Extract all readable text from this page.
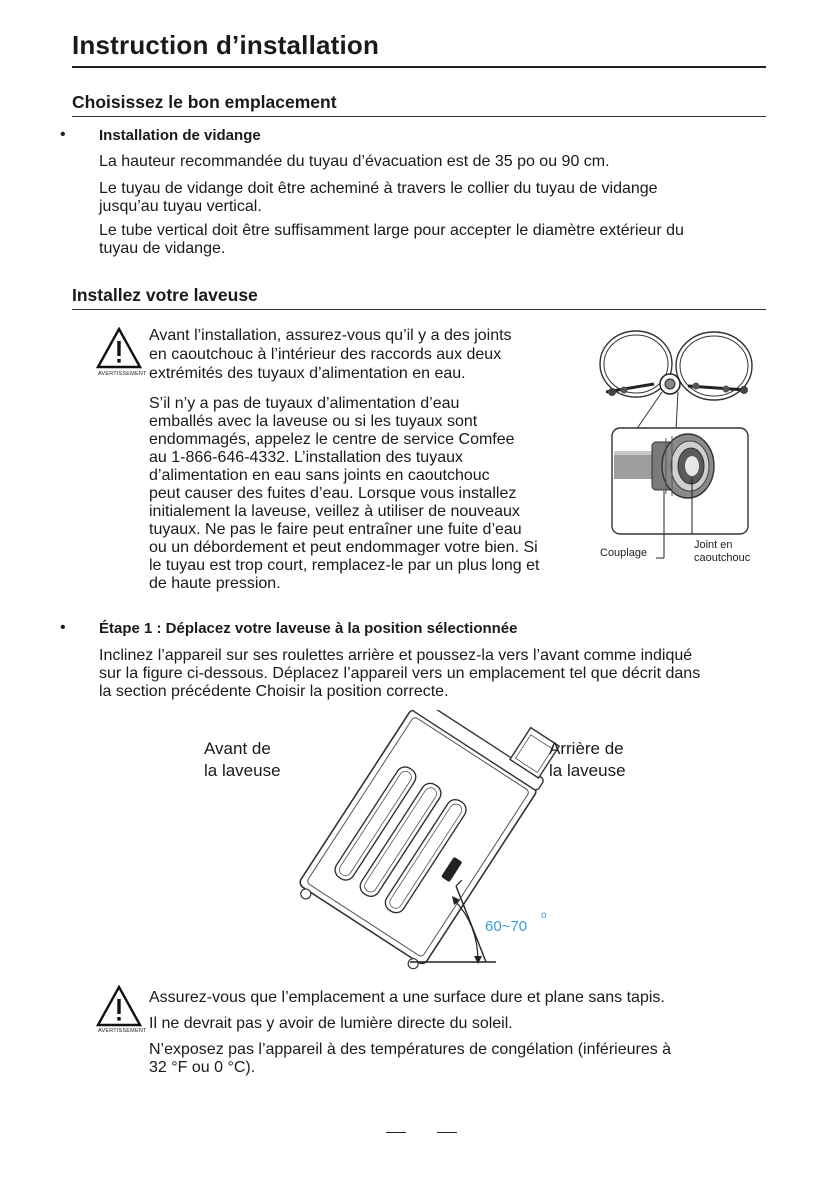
Instruction d’installation
Choisissez le bon emplacement
• Installation de vidange
La hauteur recommandée du tuyau d’évacuation est de 35 po ou 90 cm.
Le tuyau de vidange doit être acheminé à travers le collier du tuyau de vidange
jusqu’au tuyau vertical.
Le tube vertical doit être suffisamment large pour accepter le diamètre extérieur du
tuyau de vidange.
Installez votre laveuse
AVERTISSEMENT
Avant l’installation, assurez-vous qu’il y a des joints
en caoutchouc à l’intérieur des raccords aux deux
extrémités des tuyaux d’alimentation en eau.
S’il n’y a pas de tuyaux d’alimentation d’eau
emballés avec la laveuse ou si les tuyaux sont
endommagés, appelez le centre de service Comfee
au 1-866-646-4332. L’installation des tuyaux
d’alimentation en eau sans joints en caoutchouc
peut causer des fuites d’eau. Lorsque vous installez
initialement la laveuse, veillez à utiliser de nouveaux
tuyaux. Ne pas le faire peut entraîner une fuite d’eau
ou un débordement et peut endommager votre bien. Si
le tuyau est trop court, remplacez-le par un plus long et
de haute pression.
Couplage
Joint en
caoutchouc
• Étape 1 : Déplacez votre laveuse à la position sélectionnée
Inclinez l’appareil sur ses roulettes arrière et poussez-la vers l’avant comme indiqué
sur la figure ci-dessous. Déplacez l’appareil vers un emplacement tel que décrit dans
la section précédente Choisir la position correcte.
Avant de
la laveuse
Arrière de
la laveuse
60~70
o
AVERTISSEMENT
Assurez-vous que l’emplacement a une surface dure et plane sans tapis.
Il ne devrait pas y avoir de lumière directe du soleil.
N’exposez pas l’appareil à des températures de congélation (inférieures à
32 °F ou 0 °C).
